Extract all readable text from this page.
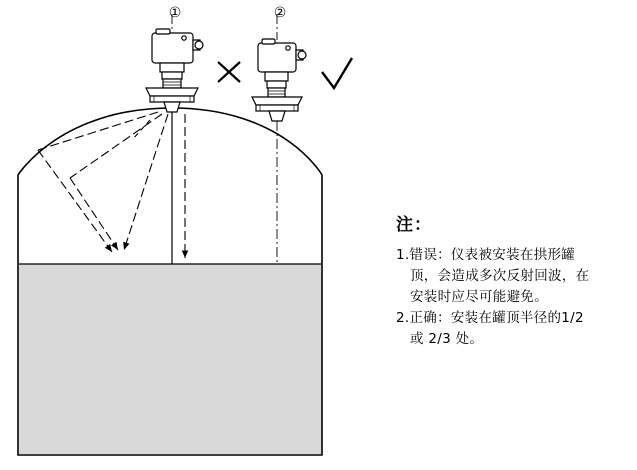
①	②
注：
1.错误：仪表被安装在拱形罐
顶，会造成多次反射回波，在
安装时应尽可能避免。
2.正确：安装在罐顶半径的1/2
或 2/3 处。
